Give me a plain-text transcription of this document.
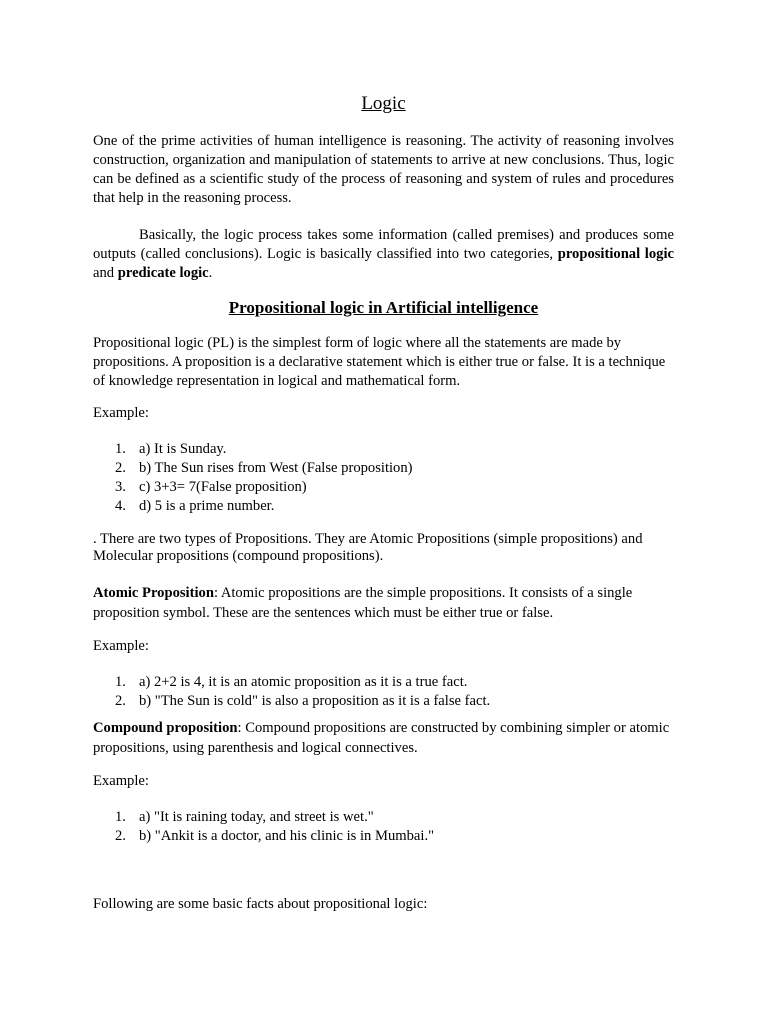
Logic

One of the prime activities of human intelligence is reasoning. The activity of reasoning involves construction, organization and manipulation of statements to arrive at new conclusions. Thus, logic can be defined as a scientific study of the process of reasoning and system of rules and procedures that help in the reasoning process.

Basically, the logic process takes some information (called premises) and produces some outputs (called conclusions). Logic is basically classified into two categories, propositional logic and predicate logic.

Propositional logic in Artificial intelligence

Propositional logic (PL) is the simplest form of logic where all the statements are made by propositions. A proposition is a declarative statement which is either true or false. It is a technique of knowledge representation in logical and mathematical form.

Example:

1. a) It is Sunday.
2. b) The Sun rises from West (False proposition)
3. c) 3+3= 7(False proposition)
4. d) 5 is a prime number.

. There are two types of Propositions. They are Atomic Propositions (simple propositions) and Molecular propositions (compound propositions).

Atomic Proposition: Atomic propositions are the simple propositions. It consists of a single proposition symbol. These are the sentences which must be either true or false.

Example:

1. a) 2+2 is 4, it is an atomic proposition as it is a true fact.
2. b) "The Sun is cold" is also a proposition as it is a false fact.

Compound proposition: Compound propositions are constructed by combining simpler or atomic propositions, using parenthesis and logical connectives.

Example:

1. a) "It is raining today, and street is wet."
2. b) "Ankit is a doctor, and his clinic is in Mumbai."

Following are some basic facts about propositional logic:
